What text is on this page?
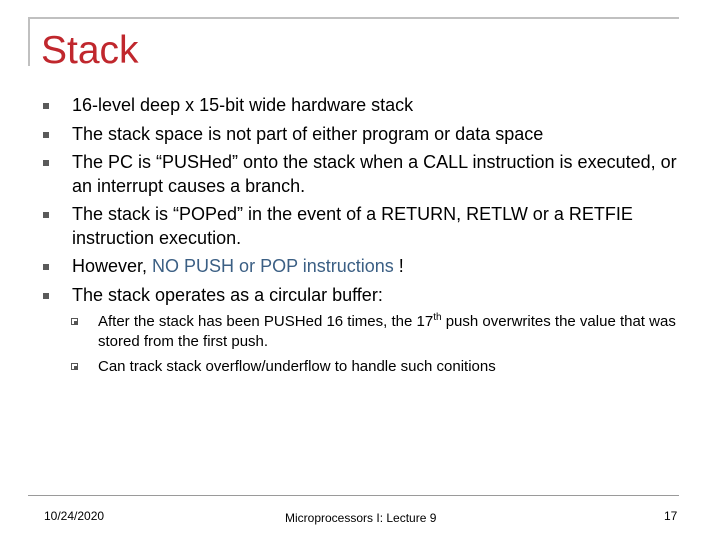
Stack
16-level deep x 15-bit wide hardware stack
The stack space is not part of either program or data space
The PC is “PUSHed” onto the stack when a CALL instruction is executed, or an interrupt causes a branch.
The stack is “POPed” in the event of a RETURN, RETLW or a RETFIE instruction execution.
However, NO PUSH or POP instructions !
The stack operates as a circular buffer:
After the stack has been PUSHed 16 times, the 17th push overwrites the value that was stored from the first push.
Can track stack overflow/underflow to handle such conitions
10/24/2020	Microprocessors I: Lecture 9	17
